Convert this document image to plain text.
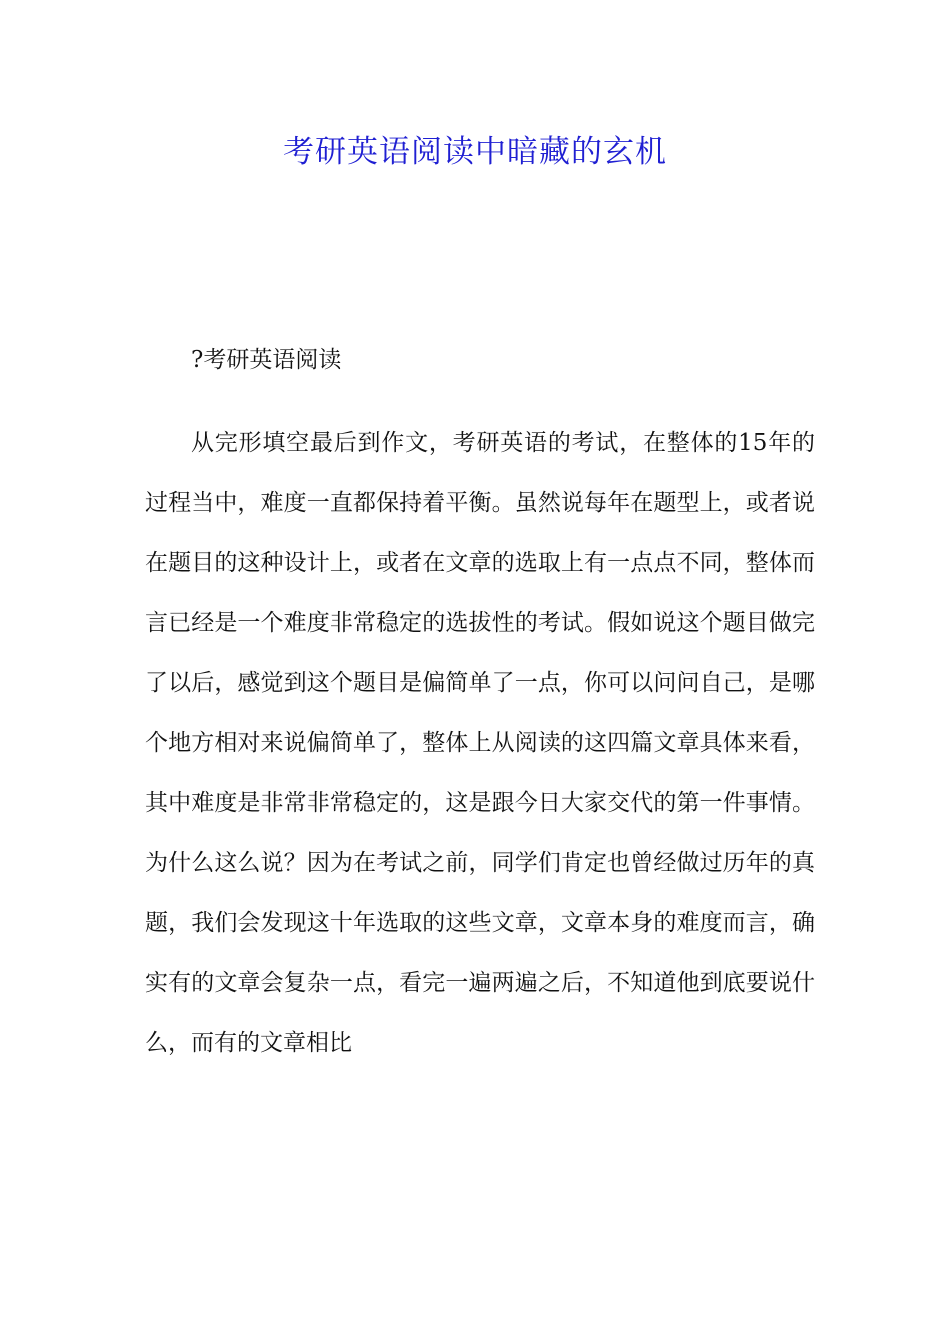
考研英语阅读中暗藏的玄机

?考研英语阅读

从完形填空最后到作文，考研英语的考试，在整体的15年的过程当中，难度一直都保持着平衡。虽然说每年在题型上，或者说在题目的这种设计上，或者在文章的选取上有一点点不同，整体而言已经是一个难度非常稳定的选拔性的考试。假如说这个题目做完了以后，感觉到这个题目是偏简单了一点，你可以问问自己，是哪个地方相对来说偏简单了，整体上从阅读的这四篇文章具体来看，其中难度是非常非常稳定的，这是跟今日大家交代的第一件事情。为什么这么说？因为在考试之前，同学们肯定也曾经做过历年的真题，我们会发现这十年选取的这些文章，文章本身的难度而言，确实有的文章会复杂一点，看完一遍两遍之后，不知道他到底要说什么，而有的文章相比
